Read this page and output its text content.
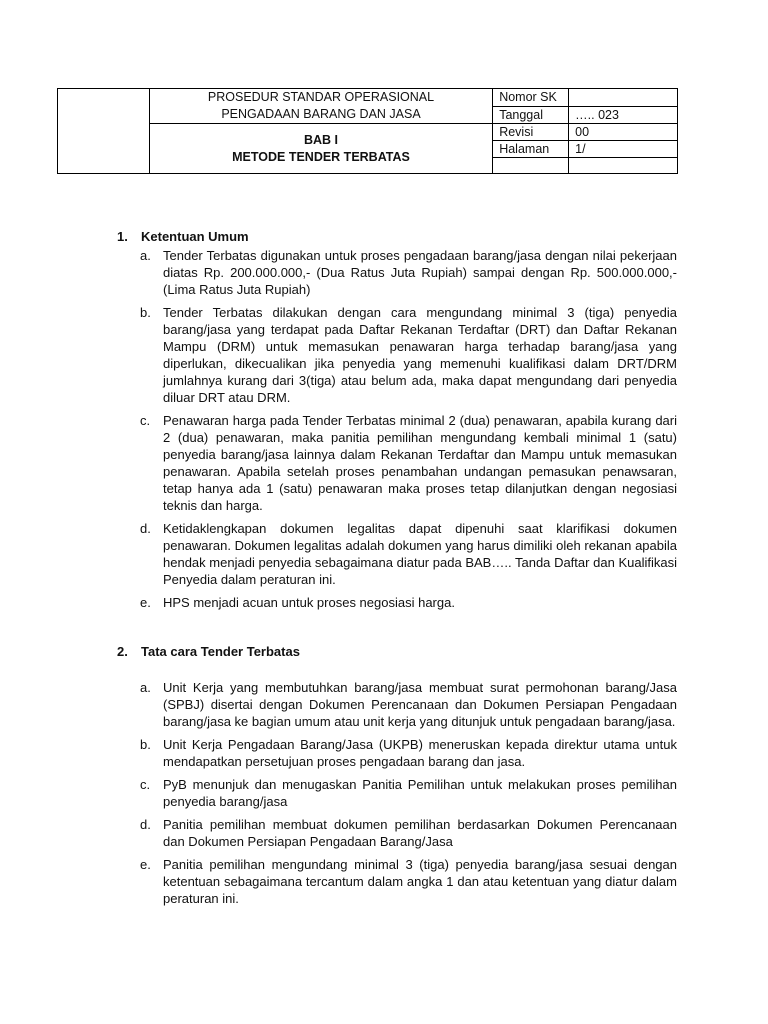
	PROSEDUR STANDAR OPERASIONAL
PENGADAAN BARANG DAN JASA	Nomor SK	
		Tanggal	….. 023

	BAB I
METODE TENDER TERBATAS	Revisi	00
		Halaman	1/

1.	Ketentuan Umum
a. Tender Terbatas digunakan untuk proses pengadaan barang/jasa dengan nilai pekerjaan diatas Rp. 200.000.000,- (Dua Ratus Juta Rupiah) sampai dengan Rp. 500.000.000,-(Lima Ratus Juta Rupiah)
b. Tender Terbatas dilakukan dengan cara mengundang minimal 3 (tiga) penyedia barang/jasa yang terdapat pada Daftar Rekanan Terdaftar (DRT) dan Daftar Rekanan Mampu (DRM) untuk memasukan penawaran harga terhadap barang/jasa yang diperlukan, dikecualikan jika penyedia yang memenuhi kualifikasi dalam DRT/DRM jumlahnya kurang dari 3(tiga) atau belum ada, maka dapat mengundang dari penyedia diluar DRT atau DRM.
c. Penawaran harga pada Tender Terbatas minimal 2 (dua) penawaran, apabila kurang dari 2 (dua) penawaran, maka panitia pemilihan mengundang kembali minimal 1 (satu) penyedia barang/jasa lainnya dalam Rekanan Terdaftar dan Mampu untuk memasukan penawaran. Apabila setelah proses penambahan undangan pemasukan penawsaran, tetap hanya ada 1 (satu) penawaran maka proses tetap dilanjutkan dengan negosiasi teknis dan harga.
d. Ketidaklengkapan dokumen legalitas dapat dipenuhi saat klarifikasi dokumen penawaran. Dokumen legalitas adalah dokumen yang harus dimiliki oleh rekanan apabila hendak menjadi penyedia sebagaimana diatur pada BAB….. Tanda Daftar dan Kualifikasi Penyedia dalam peraturan ini.
e. HPS menjadi acuan untuk proses negosiasi harga.
2.	Tata cara Tender Terbatas
a. Unit Kerja yang membutuhkan barang/jasa membuat surat permohonan barang/Jasa (SPBJ) disertai dengan Dokumen Perencanaan dan Dokumen Persiapan Pengadaan barang/jasa ke bagian umum atau unit kerja yang ditunjuk untuk pengadaan barang/jasa.
b. Unit Kerja Pengadaan Barang/Jasa (UKPB) meneruskan kepada direktur utama untuk mendapatkan persetujuan proses pengadaan barang dan jasa.
c. PyB menunjuk dan menugaskan Panitia Pemilihan untuk melakukan proses pemilihan penyedia barang/jasa
d. Panitia pemilihan membuat dokumen pemilihan berdasarkan Dokumen Perencanaan dan Dokumen Persiapan Pengadaan Barang/Jasa
e. Panitia pemilihan mengundang minimal 3 (tiga) penyedia barang/jasa sesuai dengan ketentuan sebagaimana tercantum dalam angka 1 dan atau ketentuan yang diatur dalam peraturan ini.
